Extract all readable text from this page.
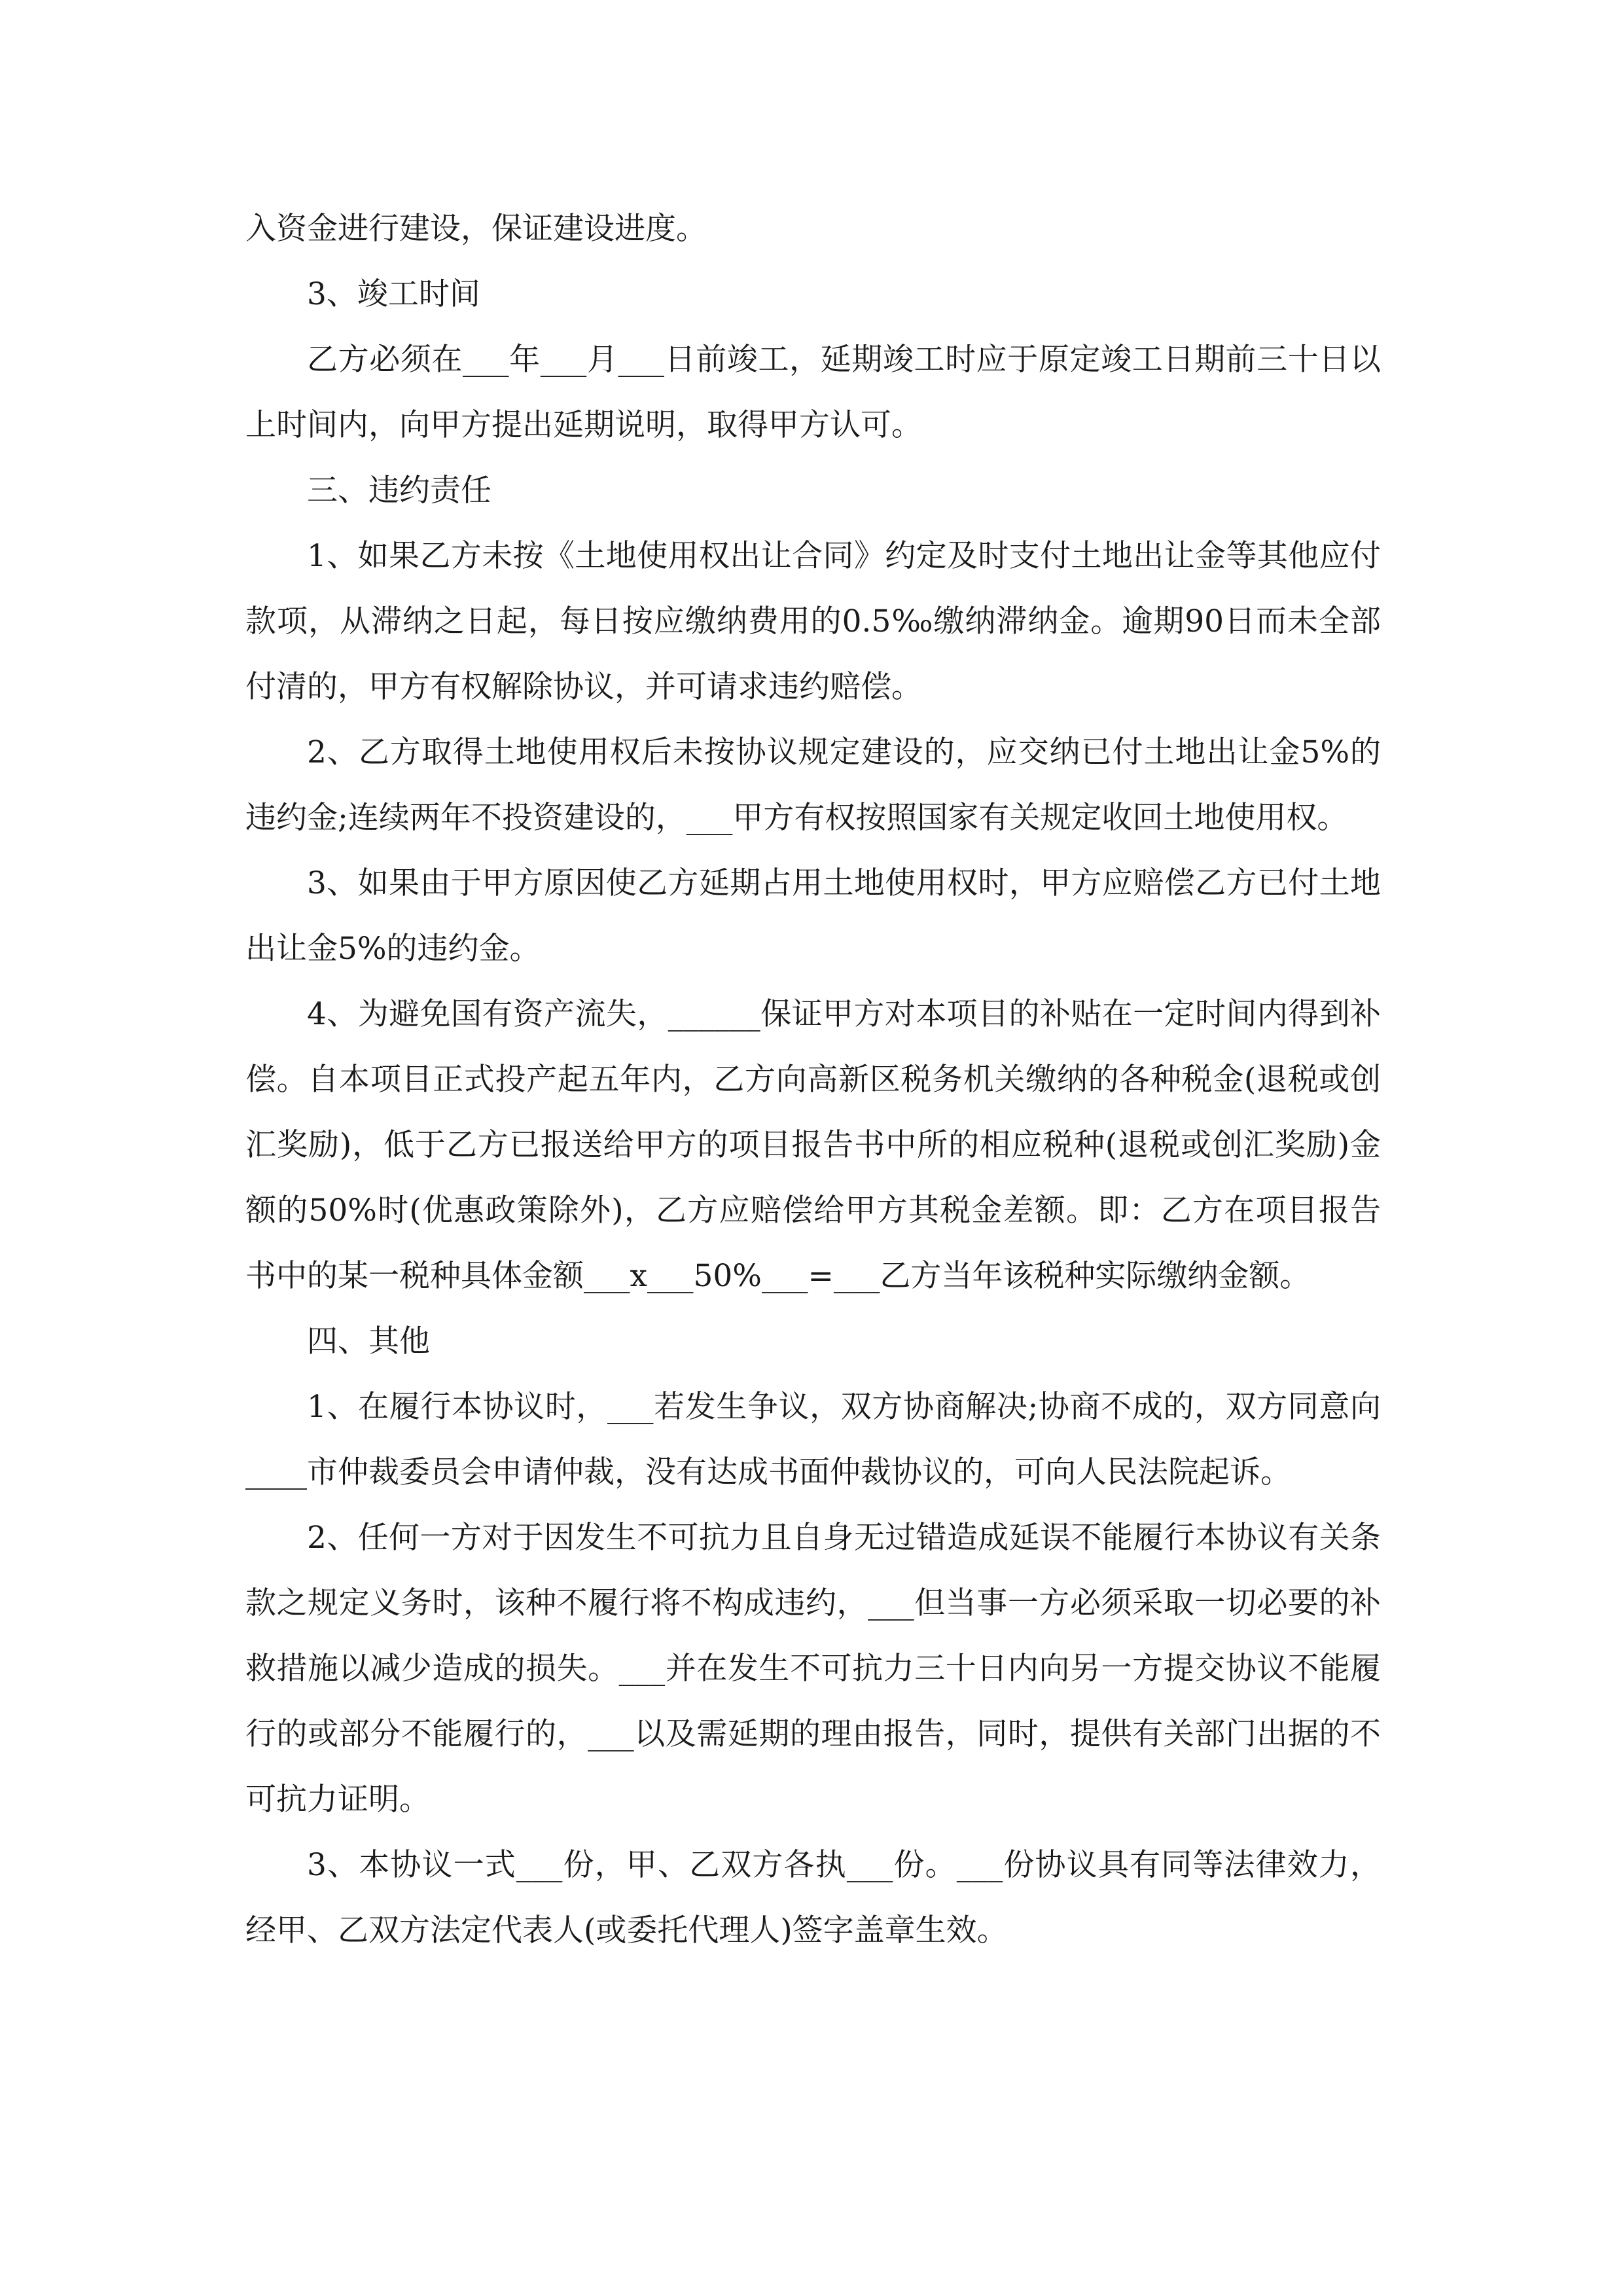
入资金进行建设，保证建设进度。

3、竣工时间

乙方必须在___年___月___日前竣工，延期竣工时应于原定竣工日期前三十日以上时间内，向甲方提出延期说明，取得甲方认可。

三、违约责任

1、如果乙方未按《土地使用权出让合同》约定及时支付土地出让金等其他应付款项，从滞纳之日起，每日按应缴纳费用的0.5‰缴纳滞纳金。逾期90日而未全部付清的，甲方有权解除协议，并可请求违约赔偿。

2、乙方取得土地使用权后未按协议规定建设的，应交纳已付土地出让金5%的违约金;连续两年不投资建设的，___甲方有权按照国家有关规定收回土地使用权。

3、如果由于甲方原因使乙方延期占用土地使用权时，甲方应赔偿乙方已付土地出让金5%的违约金。

4、为避免国有资产流失，______保证甲方对本项目的补贴在一定时间内得到补偿。自本项目正式投产起五年内，乙方向高新区税务机关缴纳的各种税金(退税或创汇奖励)，低于乙方已报送给甲方的项目报告书中所的相应税种(退税或创汇奖励)金额的50%时(优惠政策除外)，乙方应赔偿给甲方其税金差额。即：乙方在项目报告书中的某一税种具体金额___x___50%___=___乙方当年该税种实际缴纳金额。

四、其他

1、在履行本协议时，___若发生争议，双方协商解决;协商不成的，双方同意向____市仲裁委员会申请仲裁，没有达成书面仲裁协议的，可向人民法院起诉。

2、任何一方对于因发生不可抗力且自身无过错造成延误不能履行本协议有关条款之规定义务时，该种不履行将不构成违约，___但当事一方必须采取一切必要的补救措施以减少造成的损失。___并在发生不可抗力三十日内向另一方提交协议不能履行的或部分不能履行的，___以及需延期的理由报告，同时，提供有关部门出据的不可抗力证明。

3、本协议一式___份，甲、乙双方各执___份。___份协议具有同等法律效力，经甲、乙双方法定代表人(或委托代理人)签字盖章生效。
